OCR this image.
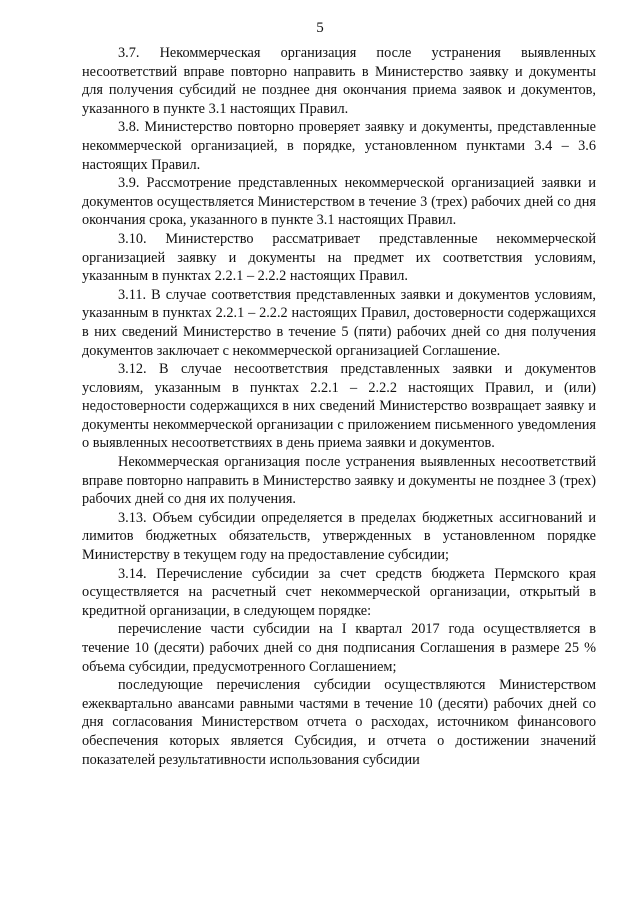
5

3.7. Некоммерческая организация после устранения выявленных несоответствий вправе повторно направить в Министерство заявку и документы для получения субсидий не позднее дня окончания приема заявок и документов, указанного в пункте 3.1 настоящих Правил.

3.8. Министерство повторно проверяет заявку и документы, представленные некоммерческой организацией, в порядке, установленном пунктами 3.4 – 3.6 настоящих Правил.

3.9. Рассмотрение представленных некоммерческой организацией заявки и документов осуществляется Министерством в течение 3 (трех) рабочих дней со дня окончания срока, указанного в пункте 3.1 настоящих Правил.

3.10. Министерство рассматривает представленные некоммерческой организацией заявку и документы на предмет их соответствия условиям, указанным в пунктах 2.2.1 – 2.2.2 настоящих Правил.

3.11. В случае соответствия представленных заявки и документов условиям, указанным в пунктах 2.2.1 – 2.2.2 настоящих Правил, достоверности содержащихся в них сведений Министерство в течение 5 (пяти) рабочих дней со дня получения документов заключает с некоммерческой организацией Соглашение.

3.12. В случае несоответствия представленных заявки и документов условиям, указанным в пунктах 2.2.1 – 2.2.2 настоящих Правил, и (или) недостоверности содержащихся в них сведений Министерство возвращает заявку и документы некоммерческой организации с приложением письменного уведомления о выявленных несоответствиях в день приема заявки и документов.

Некоммерческая организация после устранения выявленных несоответствий вправе повторно направить в Министерство заявку и документы не позднее 3 (трех) рабочих дней со дня их получения.

3.13. Объем субсидии определяется в пределах бюджетных ассигнований и лимитов бюджетных обязательств, утвержденных в установленном порядке Министерству в текущем году на предоставление субсидии;

3.14. Перечисление субсидии за счет средств бюджета Пермского края осуществляется на расчетный счет некоммерческой организации, открытый в кредитной организации, в следующем порядке:

перечисление части субсидии на I квартал 2017 года осуществляется в течение 10 (десяти) рабочих дней со дня подписания Соглашения в размере 25 % объема субсидии, предусмотренного Соглашением;

последующие перечисления субсидии осуществляются Министерством ежеквартально авансами равными частями в течение 10 (десяти) рабочих дней со дня согласования Министерством отчета о расходах, источником финансового обеспечения которых является Субсидия, и отчета о достижении значений показателей результативности использования субсидии
